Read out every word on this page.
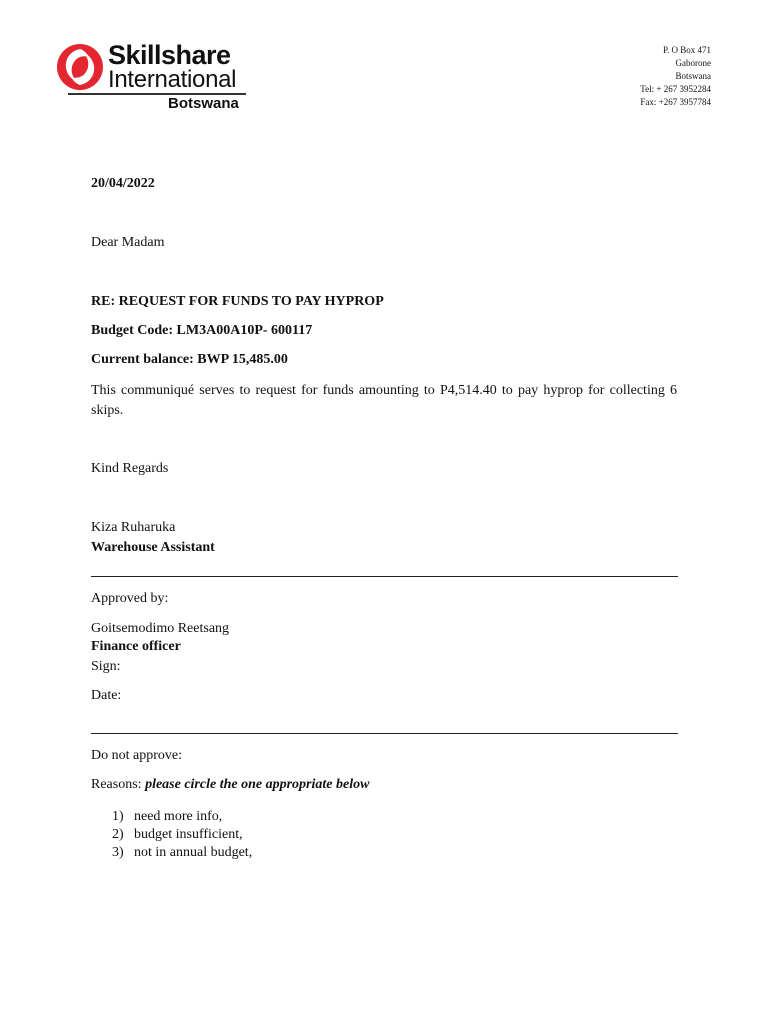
Skillshare
International
Botswana
P. O Box 471
Gaborone
Botswana
Tel: + 267 3952284
Fax: +267 3957784
20/04/2022
Dear Madam
RE: REQUEST FOR FUNDS TO PAY HYPROP
Budget Code: LM3A00A10P- 600117
Current balance: BWP 15,485.00
This communiqué serves to request for funds amounting to P4,514.40 to pay hyprop for collecting 6 skips.
Kind Regards
Kiza Ruharuka
Warehouse Assistant
Approved by:
Goitsemodimo Reetsang
Finance officer
Sign:
Date:
Do not approve:
Reasons: please circle the one appropriate below
1) need more info,
2) budget insufficient,
3) not in annual budget,
